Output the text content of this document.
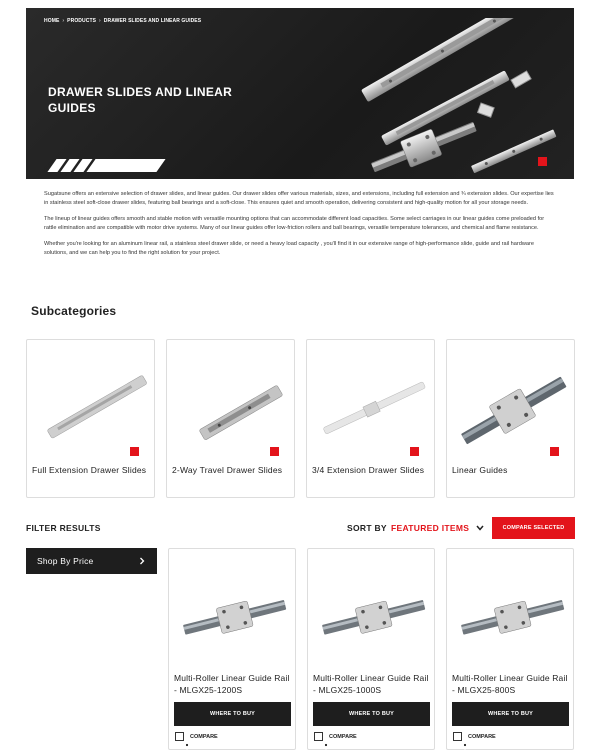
HOME › PRODUCTS › DRAWER SLIDES AND LINEAR GUIDES
DRAWER SLIDES AND LINEAR GUIDES

Sugatsune offers an extensive selection of drawer slides, and linear guides. Our drawer slides offer various materials, sizes, and extensions, including full extension and ¾ extension slides. Our expertise lies in stainless steel soft-close drawer slides, featuring ball bearings and a soft-close. This ensures quiet and smooth operation, delivering consistent and high-quality motion for all your storage needs.

The lineup of linear guides offers smooth and stable motion with versatile mounting options that can accommodate different load capacities. Some select carriages in our linear guides come preloaded for rattle elimination and are compatible with motor drive systems. Many of our linear guides offer low-friction rollers and ball bearings, versatile temperature tolerances, and chemical and flame resistance.

Whether you're looking for an aluminum linear rail, a stainless steel drawer slide, or need a heavy load capacity , you'll find it in our extensive range of high-performance slide, guide and rail hardware solutions, and we can help you to find the right solution for your project.

Subcategories
Full Extension Drawer Slides	2-Way Travel Drawer Slides	3/4 Extension Drawer Slides	Linear Guides
FILTER RESULTS	SORT BY FEATURED ITEMS	COMPARE SELECTED
Shop By Price
Multi-Roller Linear Guide Rail - MLGX25-1200S
WHERE TO BUY
COMPARE
Multi-Roller Linear Guide Rail - MLGX25-1000S
WHERE TO BUY
COMPARE
Multi-Roller Linear Guide Rail - MLGX25-800S
WHERE TO BUY
COMPARE
